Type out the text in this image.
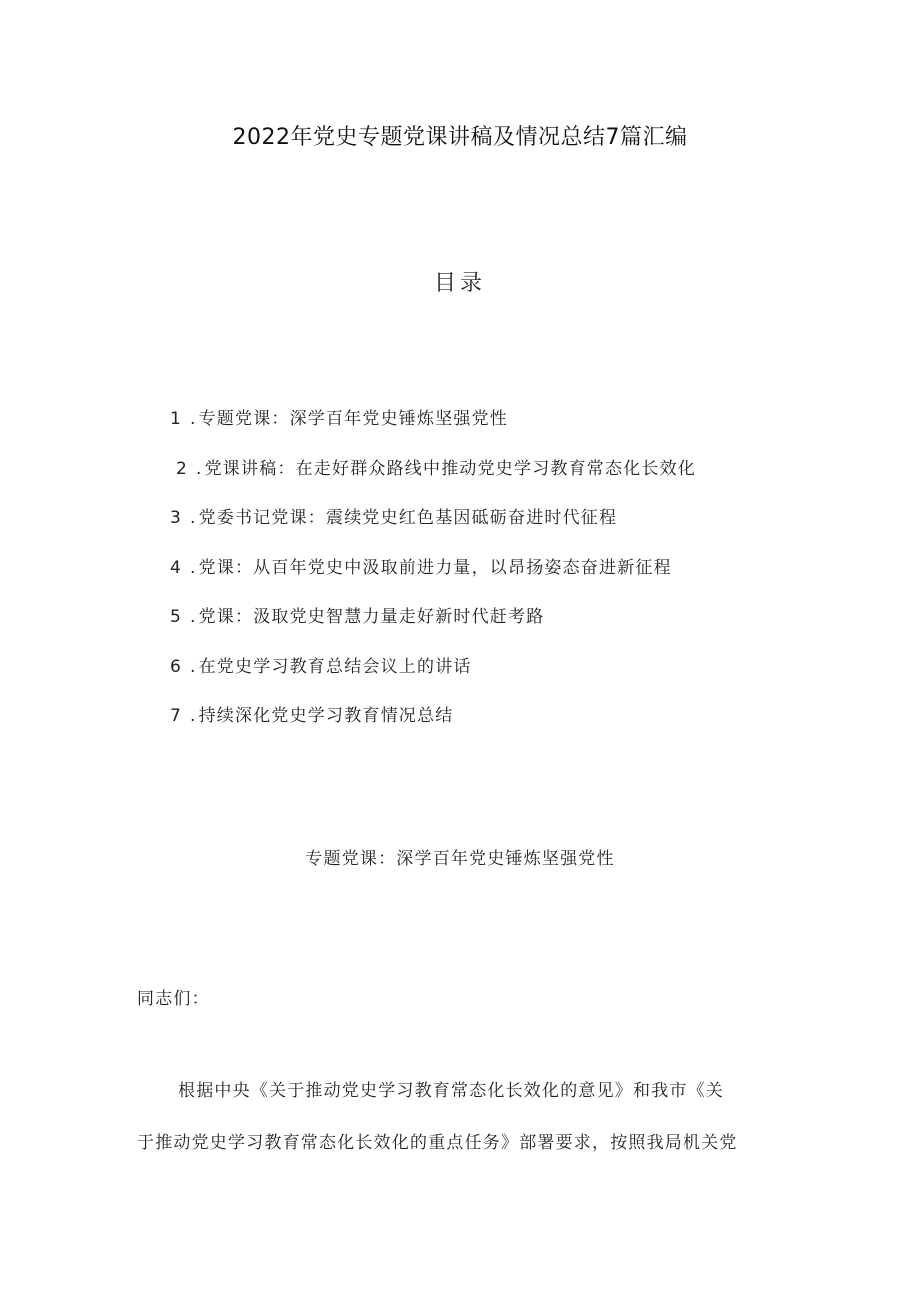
2022年党史专题党课讲稿及情况总结7篇汇编
目录
1 . 专题党课：深学百年党史锤炼坚强党性
2 . 党课讲稿：在走好群众路线中推动党史学习教育常态化长效化
3 . 党委书记党课：震续党史红色基因砥砺奋进时代征程
4 . 党课：从百年党史中汲取前进力量，以昂扬姿态奋进新征程
5 . 党课：汲取党史智慧力量走好新时代赶考路
6 . 在党史学习教育总结会议上的讲话
7 . 持续深化党史学习教育情况总结
专题党课：深学百年党史锤炼坚强党性
同志们：
根据中央《关于推动党史学习教育常态化长效化的意见》和我市《关
于推动党史学习教育常态化长效化的重点任务》部署要求，按照我局机关党
